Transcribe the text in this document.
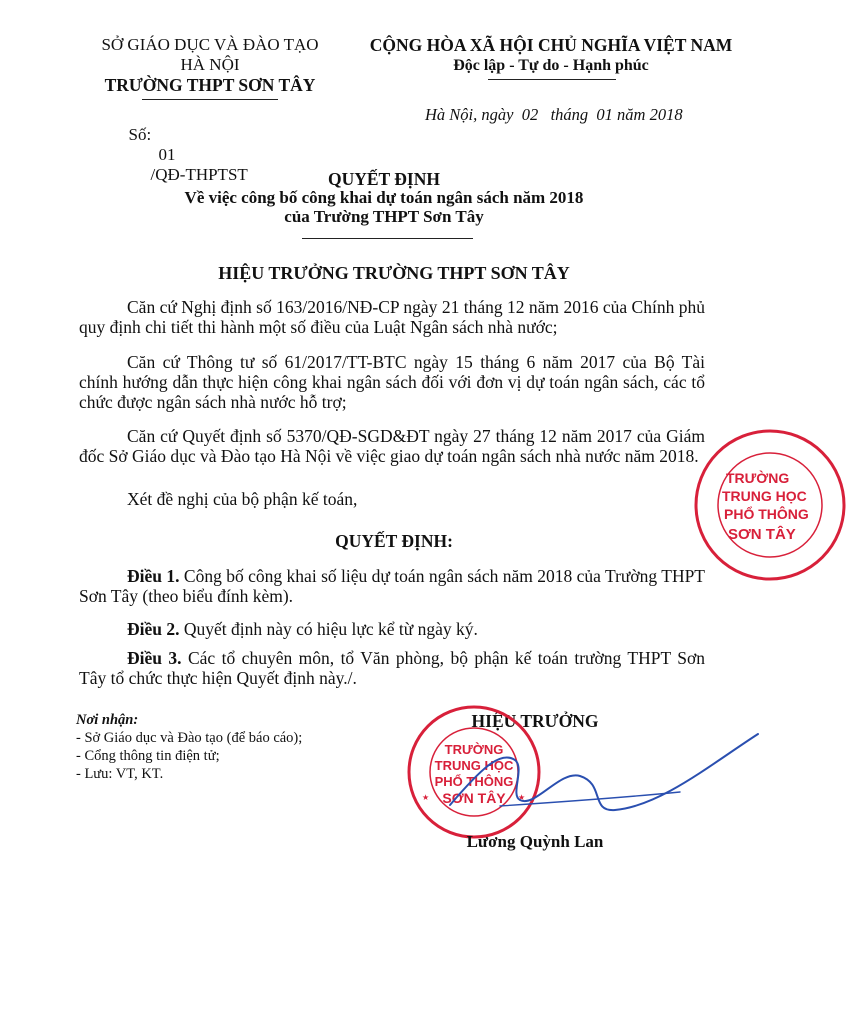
SỞ GIÁO DỤC VÀ ĐÀO TẠO
HÀ NỘI
TRƯỜNG THPT SƠN TÂY
CỘNG HÒA XÃ HỘI CHỦ NGHĨA VIỆT NAM
Độc lập - Tự do - Hạnh phúc

Số:
01
/QĐ-THPTST

Hà Nội, ngày  02   tháng  01 năm 2018
QUYẾT ĐỊNH
Về việc công bố công khai dự toán ngân sách năm 2018
của Trường THPT Sơn Tây
HIỆU TRƯỞNG TRƯỜNG THPT SƠN TÂY

Căn cứ Nghị định số 163/2016/NĐ-CP ngày 21 tháng 12 năm 2016 của Chính phủ quy định chi tiết thi hành một số điều của Luật Ngân sách nhà nước;

Căn cứ Thông tư số 61/2017/TT-BTC ngày 15 tháng 6 năm 2017 của Bộ Tài chính hướng dẫn thực hiện công khai ngân sách đối với đơn vị dự toán ngân sách, các tổ chức được ngân sách nhà nước hỗ trợ;

Căn cứ Quyết định số 5370/QĐ-SGD&ĐT ngày 27 tháng 12 năm 2017 của Giám đốc Sở Giáo dục và Đào tạo Hà Nội về việc giao dự toán ngân sách nhà nước năm 2018.

Xét đề nghị của bộ phận kế toán,

QUYẾT ĐỊNH:

Điều 1. Công bố công khai số liệu dự toán ngân sách năm 2018 của Trường THPT Sơn Tây (theo biểu đính kèm).

Điều 2. Quyết định này có hiệu lực kể từ ngày ký.

Điều 3. Các tổ chuyên môn, tổ Văn phòng, bộ phận kế toán trường THPT Sơn Tây tổ chức thực hiện Quyết định này./.

Nơi nhận:
- Sở Giáo dục và Đào tạo (để báo cáo);
- Cổng thông tin điện tử;
- Lưu: VT, KT.
TRƯỜNG
TRUNG HỌC
PHỔ THÔNG
SƠN TÂY
HIỆU TRƯỞNG
TRƯỜNG
TRUNG HỌC
PHỔ THÔNG
SƠN TÂY
★	★
Lương Quỳnh Lan
